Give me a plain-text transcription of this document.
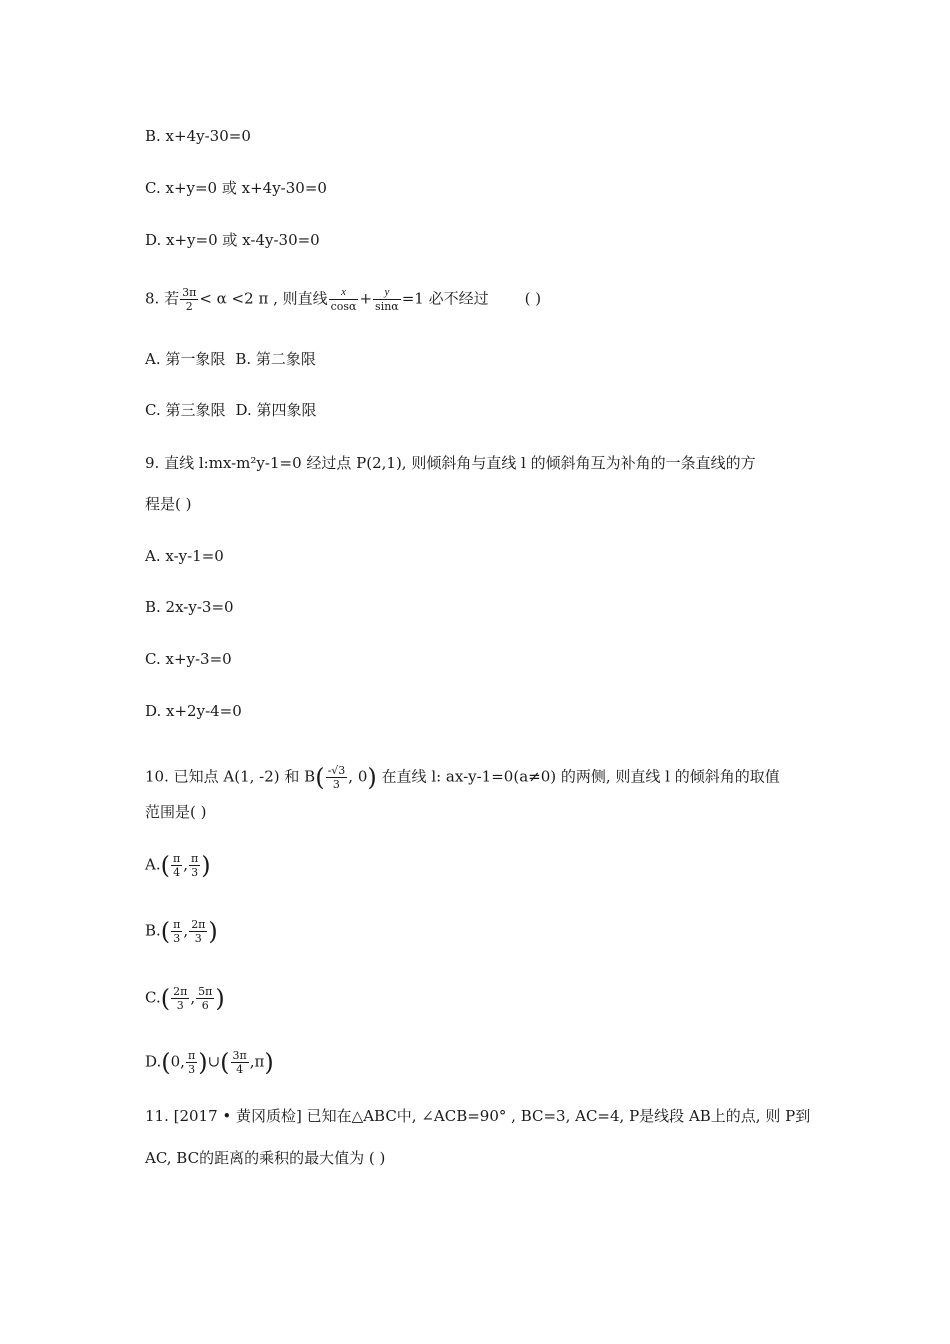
B. x+4y-30=0
C. x+y=0 或 x+4y-30=0
D. x+y=0 或 x-4y-30=0
8. 若 $\frac{3\pi}{2} < \alpha <2$ π , 则直线 $\frac{x}{\cos\alpha} + \frac{y}{\sin\alpha} =1$ 必不经过 ( )
A. 第一象限 B. 第二象限
C. 第三象限 D. 第四象限
9. 直线 l:mx-m²y-1=0 经过点 P(2,1), 则倾斜角与直线 l 的倾斜角互为补角的一条直线的方
程是( )
A. x-y-1=0
B. 2x-y-3=0
C. x+y-3=0
D. x+2y-4=0
10. 已知点 A(1, -2) 和 $B( \frac{-√3}{3}$ , 0) 在直线 l: ax-y-1=0(a≠0) 的两侧, 则直线 l 的倾斜角的取值
范围是( )
$A.( \frac{\pi}{4}$ , $\frac{\pi}{3}$ )
$B.( \frac{\pi}{3}$ , $\frac{2\pi}{3}$ )
$C.( \frac{2\pi}{3}$ , $\frac{5\pi}{6}$ )
D.(0, $\frac{\pi}{3}$ )∪( $\frac{3\pi}{4} ,\pi$)
11. [2017 • 黄冈质检] 已知在△ABC中, ∠ACB=90° , BC=3, AC=4, P是线段 AB上的点, 则 P到
AC, BC的距离的乘积的最大值为 ( )
